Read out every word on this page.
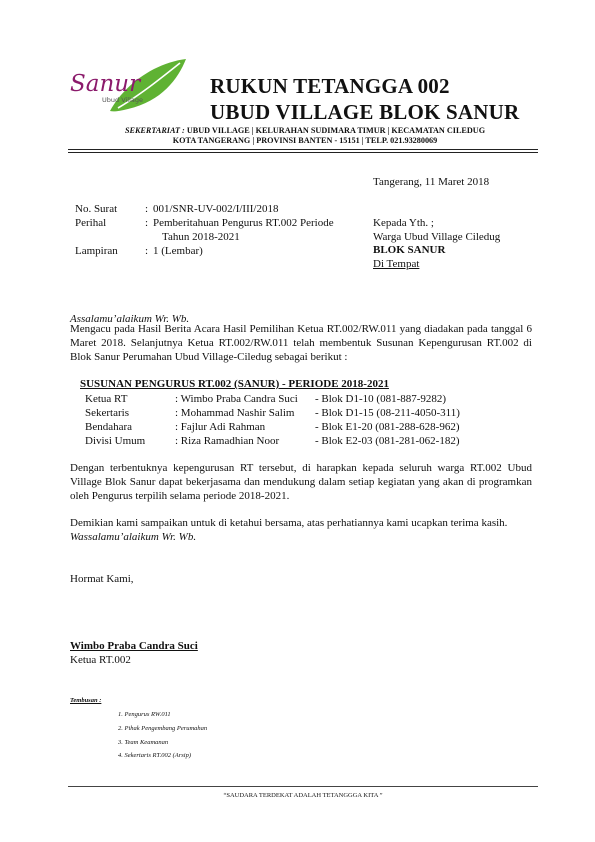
Sanur
Ubud Village
RUKUN TETANGGA 002
UBUD VILLAGE BLOK SANUR
SEKERTARIAT : UBUD VILLAGE | KELURAHAN SUDIMARA TIMUR | KECAMATAN CILEDUG
KOTA TANGERANG | PROVINSI BANTEN - 15151 | TELP. 021.93280069
Tangerang, 11 Maret 2018
No. Surat	: 001/SNR-UV-002/I/III/2018
Perihal	: Pemberitahuan Pengurus RT.002 Periode
Tahun 2018-2021
Lampiran : 1 (Lembar)
Kepada Yth. ;
Warga Ubud Village Ciledug
BLOK SANUR
Di Tempat
Assalamu’alaikum Wr. Wb.
Mengacu pada Hasil Berita Acara Hasil Pemilihan Ketua RT.002/RW.011 yang diadakan pada tanggal 6 Maret 2018. Selanjutnya Ketua RT.002/RW.011 telah membentuk Susunan Kepengurusan RT.002 di Blok Sanur Perumahan Ubud Village-Ciledug sebagai berikut :
SUSUNAN PENGURUS RT.002 (SANUR) - PERIODE 2018-2021
Ketua RT	: Wimbo Praba Candra Suci - Blok D1-10 (081-887-9282)
Sekertaris	: Mohammad Nashir Salim - Blok D1-15 (08-211-4050-311)
Bendahara	: Fajlur Adi Rahman	- Blok E1-20 (081-288-628-962)
Divisi Umum	: Riza Ramadhian Noor	- Blok E2-03 (081-281-062-182)
Dengan terbentuknya kepengurusan RT tersebut, di harapkan kepada seluruh warga RT.002 Ubud Village Blok Sanur dapat bekerjasama dan mendukung dalam setiap kegiatan yang akan di programkan oleh Pengurus terpilih selama periode 2018-2021.
Demikian kami sampaikan untuk di ketahui bersama, atas perhatiannya kami ucapkan terima kasih.
Wassalamu’alaikum Wr. Wb.
Hormat Kami,
Wimbo Praba Candra Suci
Ketua RT.002
Tembusan :
1. Pengurus RW.011
2. Pihak Pengembang Perumahan
3. Team Keamanan
4. Sekertaris RT.002 (Arsip)
“SAUDARA TERDEKAT ADALAH TETANGGGA KITA ”
